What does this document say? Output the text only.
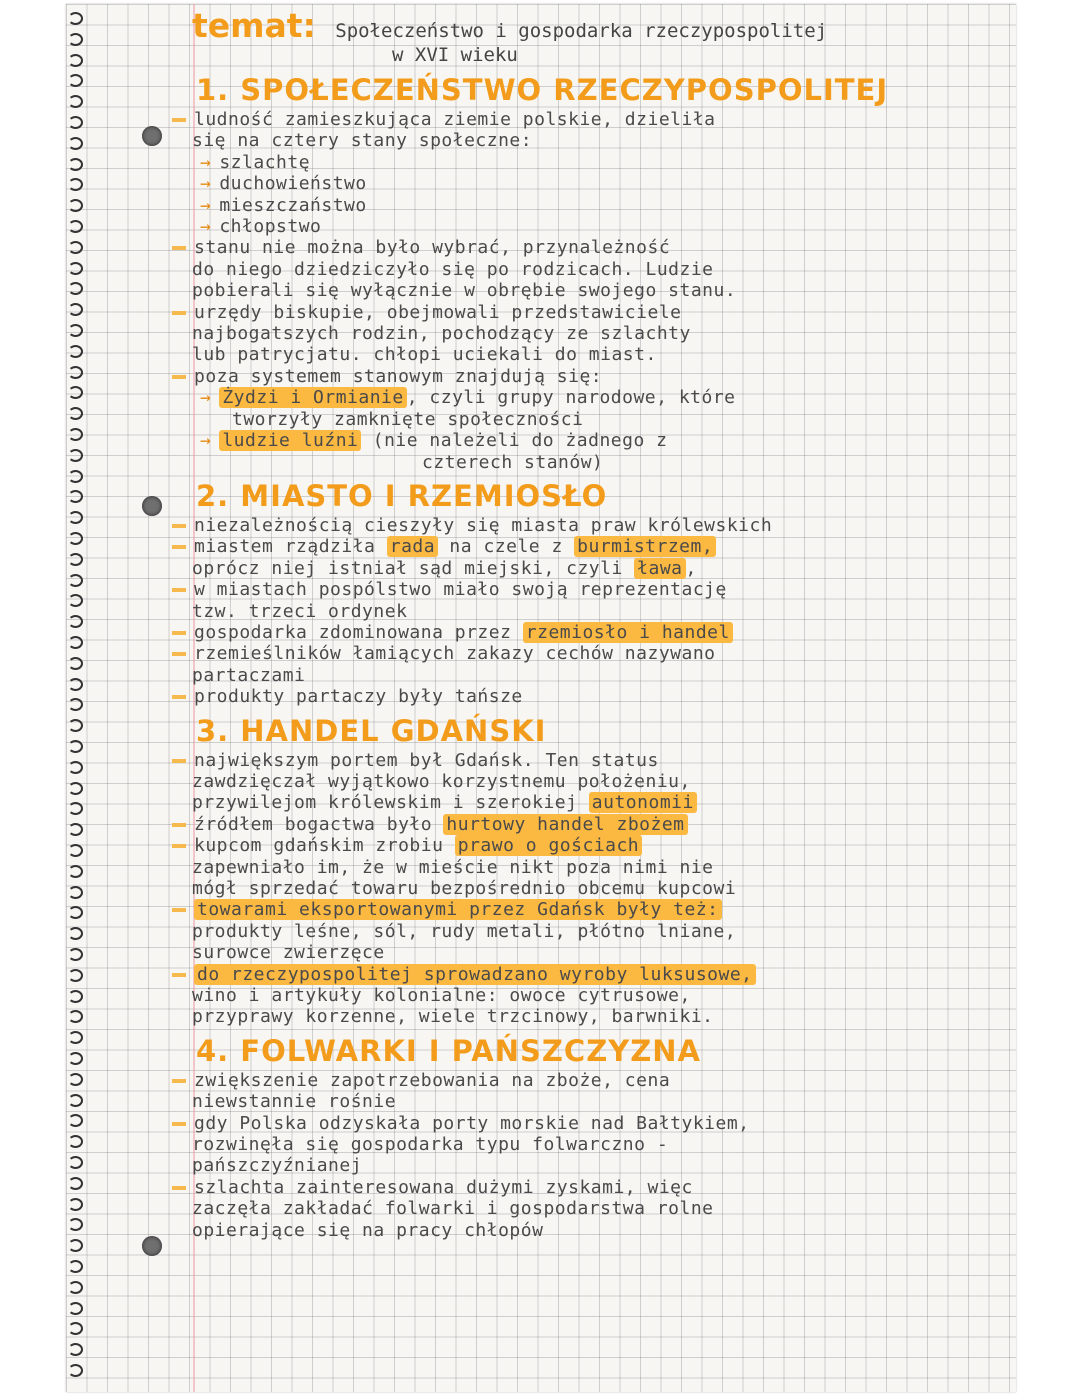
temat: Społeczeństwo i gospodarka rzeczypospolitej
w XVI wieku
1. SPOŁECZEŃSTWO RZECZYPOSPOLITEJ
ludność zamieszkująca ziemie polskie, dzieliła
się na cztery stany społeczne:
→ szlachtę
→ duchowieństwo
→ mieszczaństwo
→ chłopstwo
stanu nie można było wybrać, przynależność
do niego dziedziczyło się po rodzicach. Ludzie
pobierali się wyłącznie w obrębie swojego stanu.
urzędy biskupie, obejmowali przedstawiciele
najbogatszych rodzin, pochodzący ze szlachty
lub patrycjatu. chłopi uciekali do miast.
poza systemem stanowym znajdują się:
→ Żydzi i Ormianie , czyli grupy narodowe, które
tworzyły zamknięte społeczności
→ ludzie luźni (nie należeli do żadnego z
czterech stanów)
2. MIASTO I RZEMIOSŁO
niezależnością cieszyły się miasta praw królewskich
miastem rządziła rada na czele z burmistrzem,
oprócz niej istniał sąd miejski, czyli ława ,
w miastach pospólstwo miało swoją reprezentację
tzw. trzeci ordynek
gospodarka zdominowana przez rzemiosło i handel
rzemieślników łamiących zakazy cechów nazywano
partaczami
produkty partaczy były tańsze
3. HANDEL GDAŃSKI
największym portem był Gdańsk. Ten status
zawdzięczał wyjątkowo korzystnemu położeniu,
przywilejom królewskim i szerokiej autonomii
źródłem bogactwa było hurtowy handel zbożem
kupcom gdańskim zrobiu prawo o gościach
zapewniało im, że w mieście nikt poza nimi nie
mógł sprzedać towaru bezpośrednio obcemu kupcowi
towarami eksportowanymi przez Gdańsk były też:
produkty leśne, sól, rudy metali, płótno lniane,
surowce zwierzęce
do rzeczypospolitej sprowadzano wyroby luksusowe,
wino i artykuły kolonialne: owoce cytrusowe,
przyprawy korzenne, wiele trzcinowy, barwniki.
4. FOLWARKI I PAŃSZCZYZNA
zwiększenie zapotrzebowania na zboże, cena
niewstannie rośnie
gdy Polska odzyskała porty morskie nad Bałtykiem,
rozwinęła się gospodarka typu folwarczno -
pańszczyźnianej
szlachta zainteresowana dużymi zyskami, więc
zaczęła zakładać folwarki i gospodarstwa rolne
opierające się na pracy chłopów
